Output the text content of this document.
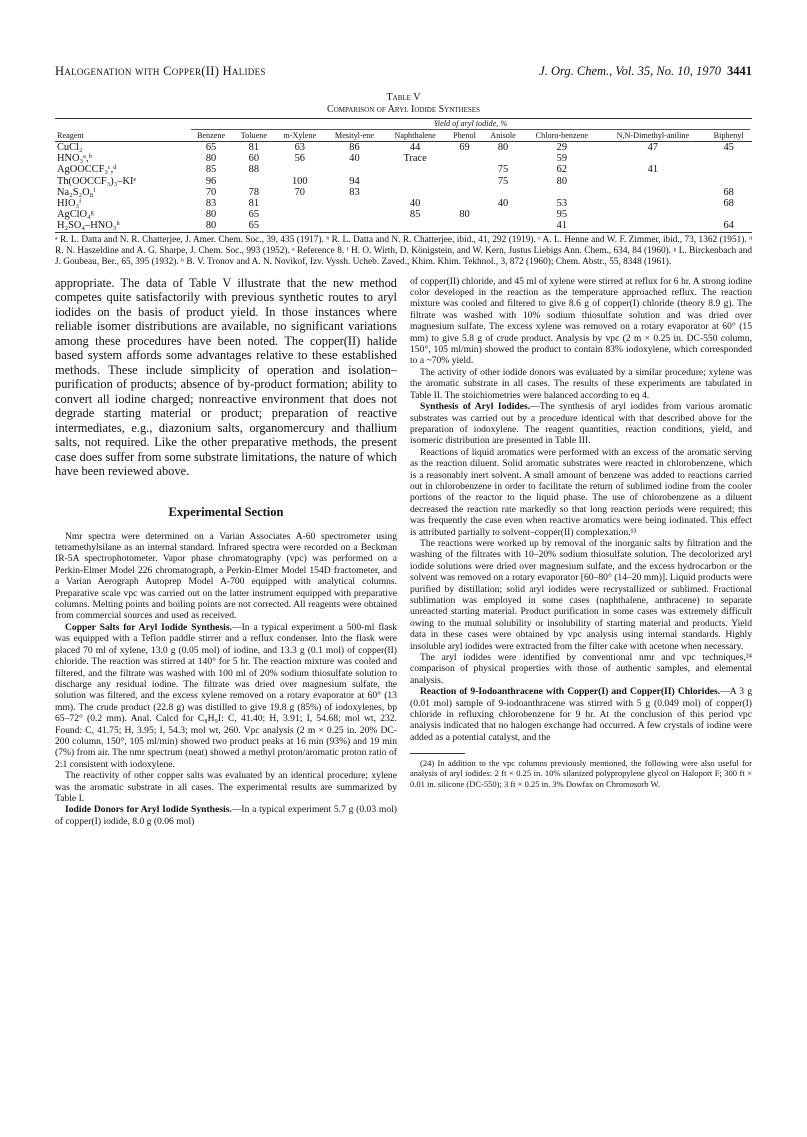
Halogenation with Copper(II) Halides	J. Org. Chem., Vol. 35, No. 10, 1970 3441
Table V
Comparison of Aryl Iodide Syntheses
	Yield of aryl iodide, %									

Reagent	Benzene	Toluene	m-Xylene	Mesityl-ene	Naphthalene	Phenol	Anisole	Chloro-benzene	N,N-Dimethyl-aniline	Biphenyl
CuCl₂	65	81	63	86	44	69	80	29	47	45
HNO₃ᵃ,ᵇ	80	60	56	40	Trace			59		
AgOOCCF₃ᶜ,ᵈ	85	88					75	62	41	
Th(OOCCF₃)₃–KIᵉ	96		100	94			75	80		
Na₂S₂O₈ᶠ	70	78	70	83						68
HIO₃ᶠ	83	81			40		40	53		68
AgClO₄ᵍ	80	65			85	80		95		
H₂SO₄–HNO₃ʰ	80	65						41		64
ᵃ R. L. Datta and N. R. Chatterjee, J. Amer. Chem. Soc., 39, 435 (1917). ᵇ R. L. Datta and N. R. Chatterjee, ibid., 41, 292 (1919). ᶜ A. L. Henne and W. F. Zimmer, ibid., 73, 1362 (1951). ᵈ R. N. Haszeldine and A. G. Sharpe, J. Chem. Soc., 993 (1952). ᵉ Reference 8. ᶠ H. O. Wirth, D. Königstein, and W. Kern, Justus Liebigs Ann. Chem., 634, 84 (1960). ᵍ L. Birckenbach and J. Goubeau, Ber., 65, 395 (1932). ʰ B. V. Tronov and A. N. Novikof, Izv. Vyssh. Ucheb. Zaved., Khim. Khim. Tekhnol., 3, 872 (1960); Chem. Abstr., 55, 8348 (1961).

appropriate. The data of Table V illustrate that the new method competes quite satisfactorily with previous synthetic routes to aryl iodides on the basis of product yield. In those instances where reliable isomer distributions are available, no significant variations among these procedures have been noted. The copper(II) halide based system affords some advantages relative to these established methods. These include simplicity of operation and isolation–purification of products; absence of by-product formation; ability to convert all iodine charged; nonreactive environment that does not degrade starting material or product; preparation of reactive intermediates, e.g., diazonium salts, organomercury and thallium salts, not required. Like the other preparative methods, the present case does suffer from some substrate limitations, the nature of which have been reviewed above.

Experimental Section

Nmr spectra were determined on a Varian Associates A-60 spectrometer using tetramethylsilane as an internal standard. Infrared spectra were recorded on a Beckman IR-5A spectrophotometer. Vapor phase chromatography (vpc) was performed on a Perkin-Elmer Model 226 chromatograph, a Perkin-Elmer Model 154D fractometer, and a Varian Aerograph Autoprep Model A-700 equipped with analytical columns. Preparative scale vpc was carried out on the latter instrument equipped with preparative columns. Melting points and boiling points are not corrected. All reagents were obtained from commercial sources and used as received.

Copper Salts for Aryl Iodide Synthesis.—In a typical experiment a 500-ml flask was equipped with a Teflon paddle stirrer and a reflux condenser. Into the flask were placed 70 ml of xylene, 13.0 g (0.05 mol) of iodine, and 13.3 g (0.1 mol) of copper(II) chloride. The reaction was stirred at 140° for 5 hr. The reaction mixture was cooled and filtered, and the filtrate was washed with 100 ml of 20% sodium thiosulfate solution to discharge any residual iodine. The filtrate was dried over magnesium sulfate, the solution was filtered, and the excess xylene removed on a rotary evaporator at 60° (13 mm). The crude product (22.8 g) was distilled to give 19.8 g (85%) of iodoxylenes, bp 65–72° (0.2 mm). Anal. Calcd for C₈H₉I: C, 41.40; H, 3.91; I, 54.68; mol wt, 232. Found: C, 41.75; H, 3.95; I, 54.3; mol wt, 260. Vpc analysis (2 m × 0.25 in. 20% DC-200 column, 150°, 105 ml/min) showed two product peaks at 16 min (93%) and 19 min (7%) from air. The nmr spectrum (neat) showed a methyl proton/aromatic proton ratio of 2:1 consistent with iodoxylene.

The reactivity of other copper salts was evaluated by an identical procedure; xylene was the aromatic substrate in all cases. The experimental results are summarized by Table I.

Iodide Donors for Aryl Iodide Synthesis.—In a typical experiment 5.7 g (0.03 mol) of copper(I) iodide, 8.0 g (0.06 mol)

of copper(II) chloride, and 45 ml of xylene were stirred at reflux for 6 hr. A strong iodine color developed in the reaction as the temperature approached reflux. The reaction mixture was cooled and filtered to give 8.6 g of copper(I) chloride (theory 8.9 g). The filtrate was washed with 10% sodium thiosulfate solution and was dried over magnesium sulfate. The excess xylene was removed on a rotary evaporator at 60° (15 mm) to give 5.8 g of crude product. Analysis by vpc (2 m × 0.25 in. DC-550 column, 150°, 105 ml/min) showed the product to contain 83% iodoxylene, which corresponded to a ~70% yield.

The activity of other iodide donors was evaluated by a similar procedure; xylene was the aromatic substrate in all cases. The results of these experiments are tabulated in Table II. The stoichiometries were balanced according to eq 4.

Synthesis of Aryl Iodides.—The synthesis of aryl iodides from various aromatic substrates was carried out by a procedure identical with that described above for the preparation of iodoxylene. The reagent quantities, reaction conditions, yield, and isomeric distribution are presented in Table III.

Reactions of liquid aromatics were performed with an excess of the aromatic serving as the reaction diluent. Solid aromatic substrates were reacted in chlorobenzene, which is a reasonably inert solvent. A small amount of benzene was added to reactions carried out in chlorobenzene in order to facilitate the return of sublimed iodine from the cooler portions of the reactor to the liquid phase. The use of chlorobenzene as a diluent decreased the reaction rate markedly so that long reaction periods were required; this was frequently the case even when reactive aromatics were being iodinated. This effect is attributed partially to solvent–copper(II) complexation.¹³

The reactions were worked up by removal of the inorganic salts by filtration and the washing of the filtrates with 10–20% sodium thiosulfate solution. The decolorized aryl iodide solutions were dried over magnesium sulfate, and the excess hydrocarbon or the solvent was removed on a rotary evaporator [60–80° (14–20 mm)]. Liquid products were purified by distillation; solid aryl iodides were recrystallized or sublimed. Fractional sublimation was employed in some cases (naphthalene, anthracene) to separate unreacted starting material. Product purification in some cases was extremely difficult owing to the mutual solubility or insolubility of starting material and products. Yield data in these cases were obtained by vpc analysis using internal standards. Highly insoluble aryl iodides were extracted from the filter cake with acetone when necessary.

The aryl iodides were identified by conventional nmr and vpc techniques,²⁴ comparison of physical properties with those of authentic samples, and elemental analysis.

Reaction of 9-Iodoanthracene with Copper(I) and Copper(II) Chlorides.—A 3 g (0.01 mol) sample of 9-iodoanthracene was stirred with 5 g (0.049 mol) of copper(I) chloride in refluxing chlorobenzene for 9 hr. At the conclusion of this period vpc analysis indicated that no halogen exchange had occurred. A few crystals of iodine were added as a potential catalyst, and the

(24) In addition to the vpc columns previously mentioned, the following were also useful for analysis of aryl iodides: 2 ft × 0.25 in. 10% silanized polypropylene glycol on Haloport F; 300 ft × 0.01 in. silicone (DC-550); 3 ft × 0.25 in. 3% Dowfax on Chromosorb W.
